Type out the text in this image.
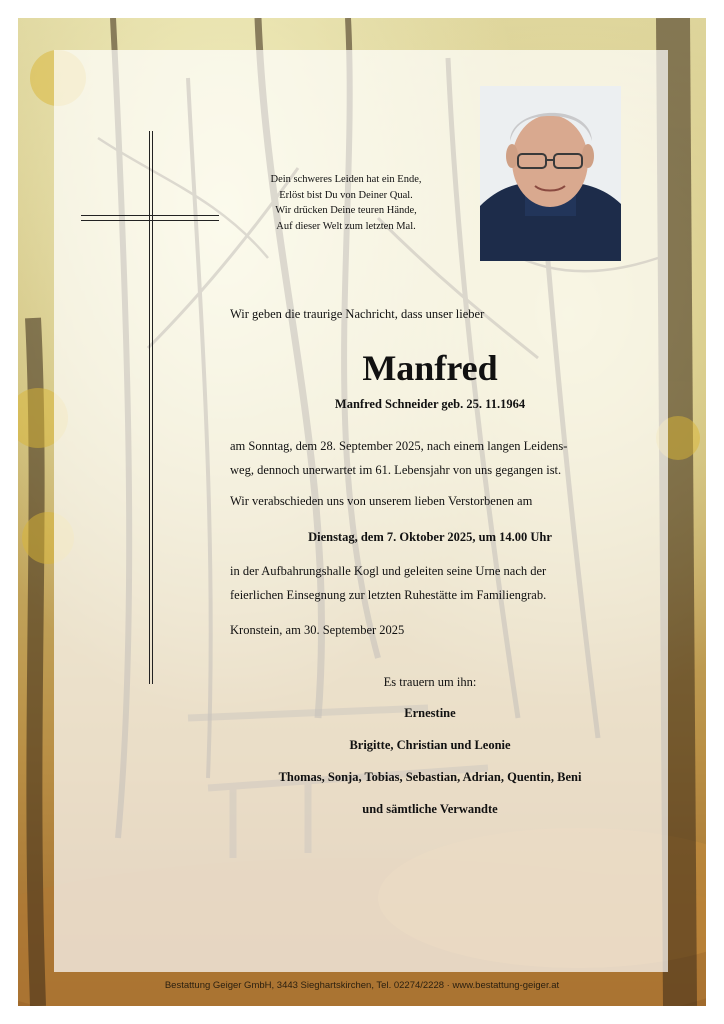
Dein schweres Leiden hat ein Ende,
Erlöst bist Du von Deiner Qual.
Wir drücken Deine teuren Hände,
Auf dieser Welt zum letzten Mal.
Wir geben die traurige Nachricht, dass unser lieber
Manfred
Manfred Schneider geb. 25. 11.1964
am Sonntag, dem 28. September 2025, nach einem langen Leidens-
weg, dennoch unerwartet im 61. Lebensjahr von uns gegangen ist.
Wir verabschieden uns von unserem lieben Verstorbenen am
Dienstag, dem 7. Oktober 2025, um 14.00 Uhr
in der Aufbahrungshalle Kogl und geleiten seine Urne nach der
feierlichen Einsegnung zur letzten Ruhestätte im Familiengrab.
Kronstein, am 30. September 2025
Es trauern um ihn:
Ernestine
Brigitte, Christian und Leonie
Thomas, Sonja, Tobias, Sebastian, Adrian, Quentin, Beni
und sämtliche Verwandte
Bestattung Geiger GmbH, 3443 Sieghartskirchen, Tel. 02274/2228 · www.bestattung-geiger.at
